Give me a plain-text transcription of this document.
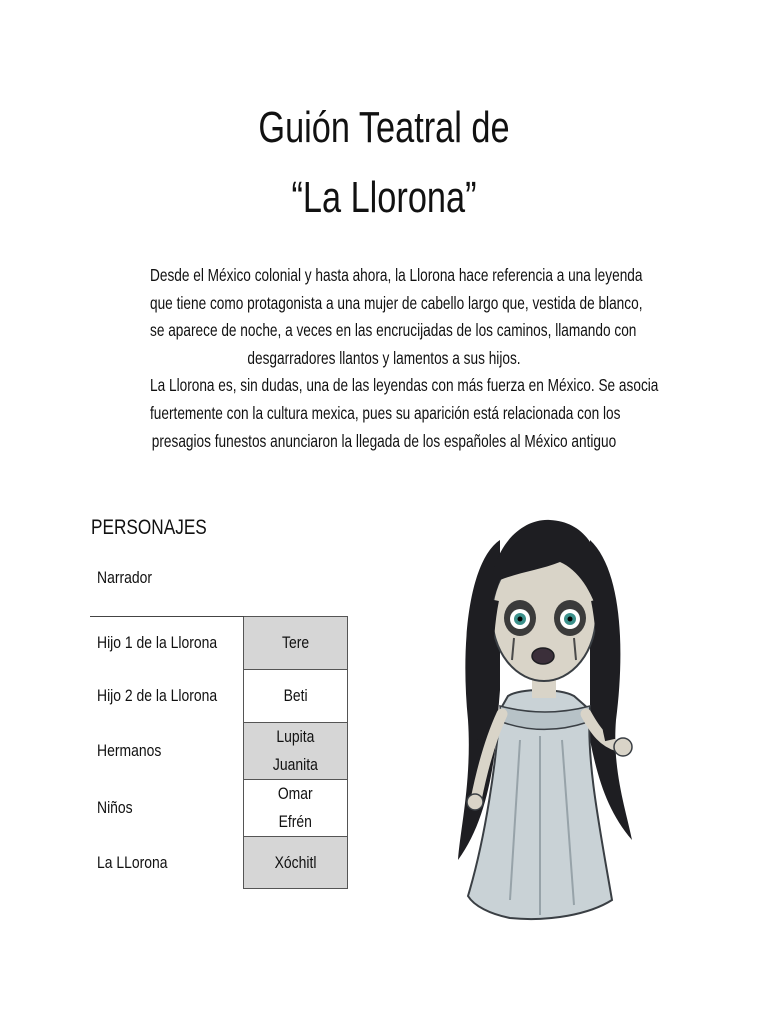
Guión Teatral de
“La Llorona”
Desde el México colonial y hasta ahora, la Llorona hace referencia a una leyenda
que tiene como protagonista a una mujer de cabello largo que, vestida de blanco,
se aparece de noche, a veces en las encrucijadas de los caminos, llamando con
desgarradores llantos y lamentos a sus hijos.
La Llorona es, sin dudas, una de las leyendas con más fuerza en México. Se asocia
fuertemente con la cultura mexica, pues su aparición está relacionada con los
presagios funestos anunciaron la llegada de los españoles al México antiguo
PERSONAJES
Narrador
Hijo 1 de la Llorona	Tere

Hijo 2 de la Llorona	Beti

Hermanos	Lupita
Juanita

Niños	Omar
Efrén

La LLorona	Xóchitl
